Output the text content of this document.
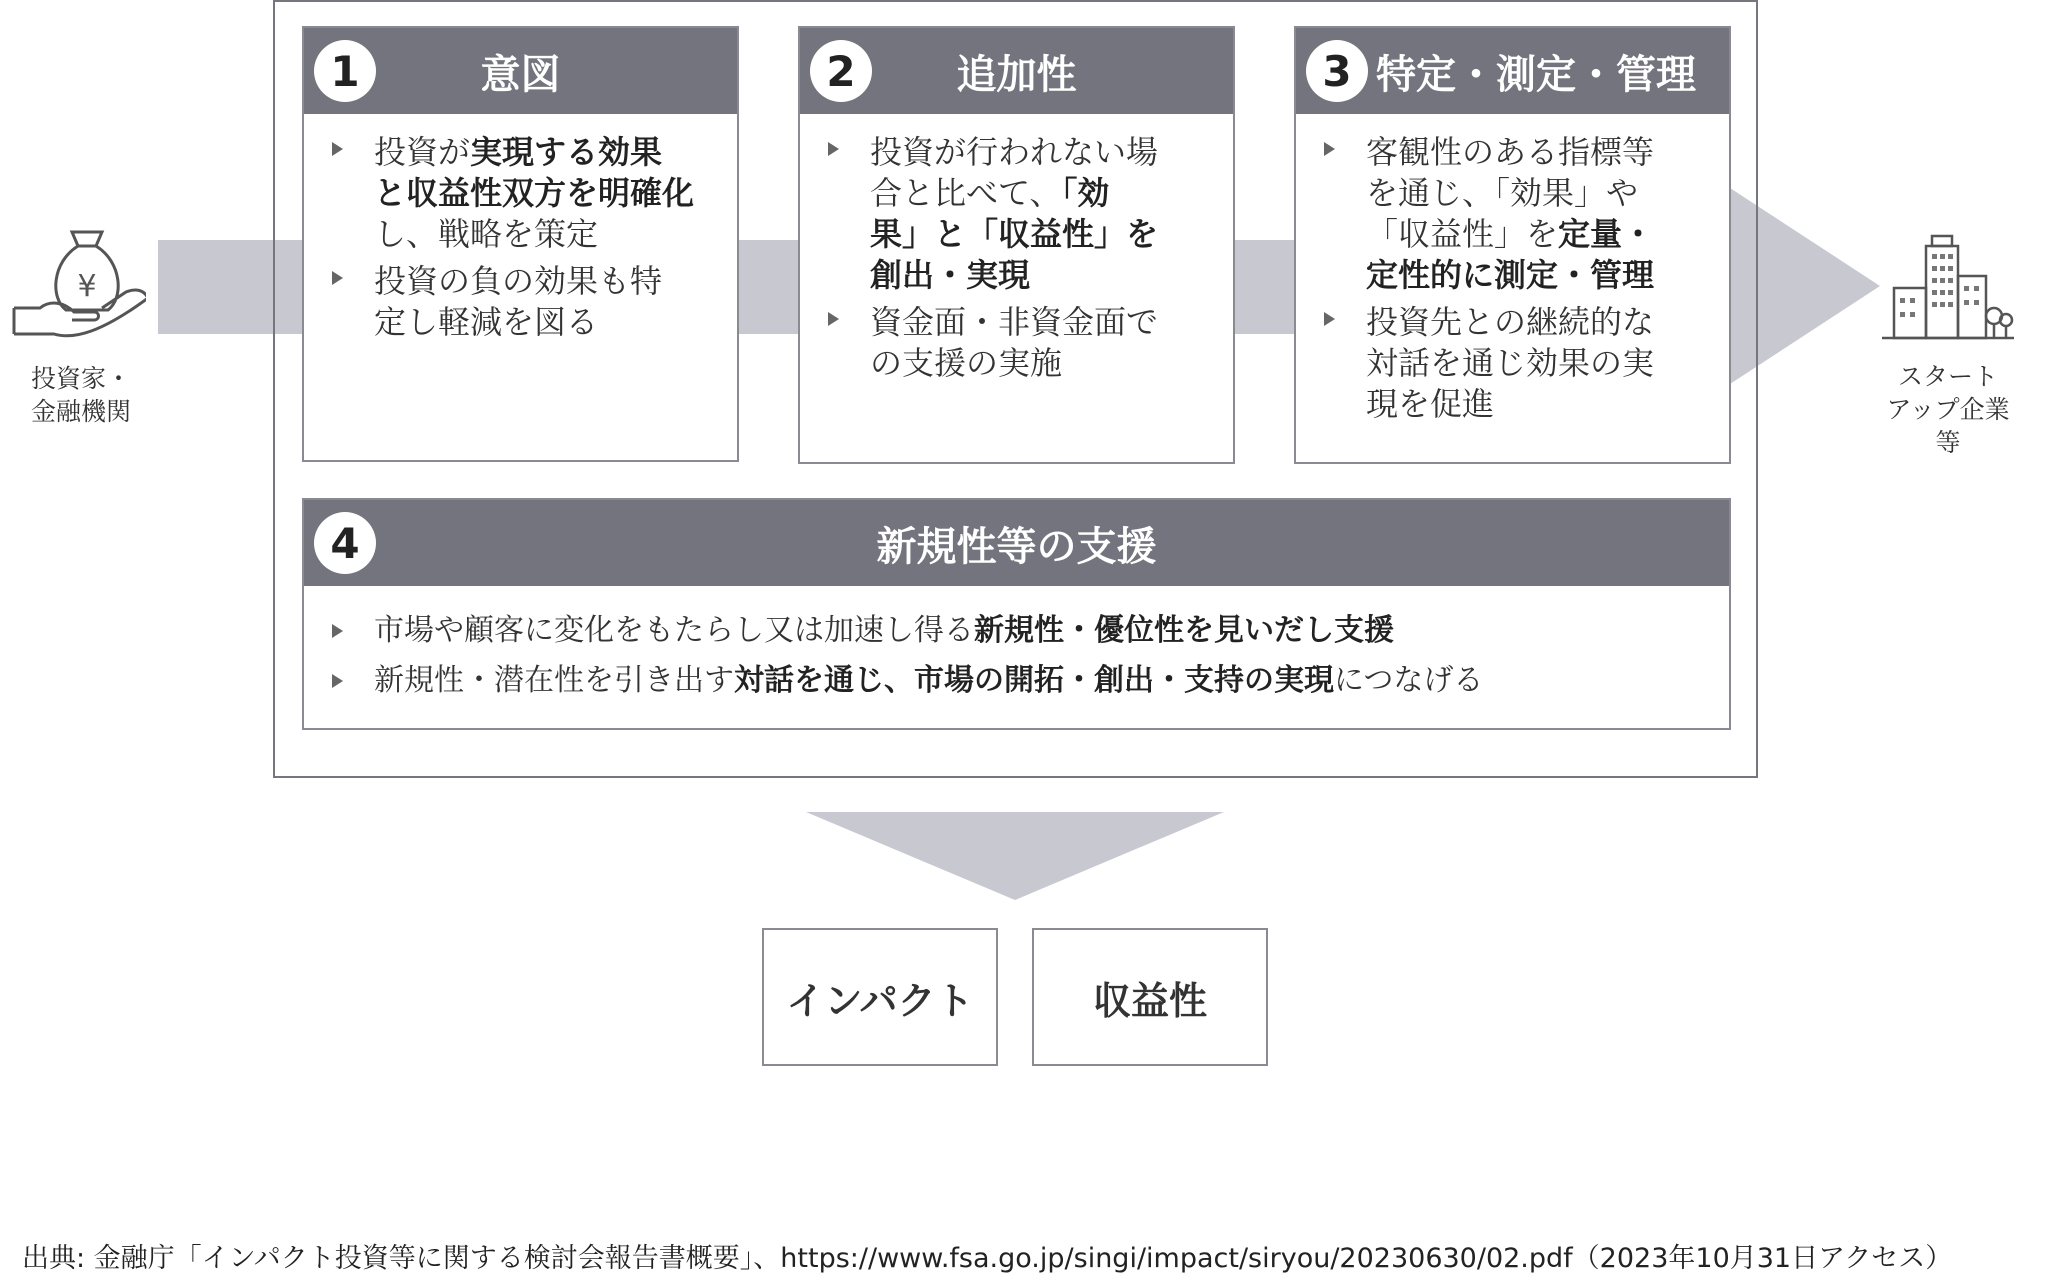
¥
投資家・
金融機関
スタート
アップ企業
等
1	意図
投資が実現する効果
と収益性双方を明確化
し、戦略を策定
投資の負の効果も特
定し軽減を図る
2	追加性
投資が行われない場
合と比べて、「効
果」と「収益性」を
創出・実現
資金面・非資金面で
の支援の実施
3 特定・測定・管理
客観性のある指標等
を通じ、「効果」や
「収益性」を定量・
定性的に測定・管理
投資先との継続的な
対話を通じ効果の実
現を促進
4	新規性等の支援
市場や顧客に変化をもたらし又は加速し得る新規性・優位性を見いだし支援
新規性・潜在性を引き出す対話を通じ、市場の開拓・創出・支持の実現につなげる
インパクト	収益性
出典: 金融庁「インパクト投資等に関する検討会報告書概要」、https://www.fsa.go.jp/singi/impact/siryou/20230630/02.pdf（2023年10月31日アクセス）
